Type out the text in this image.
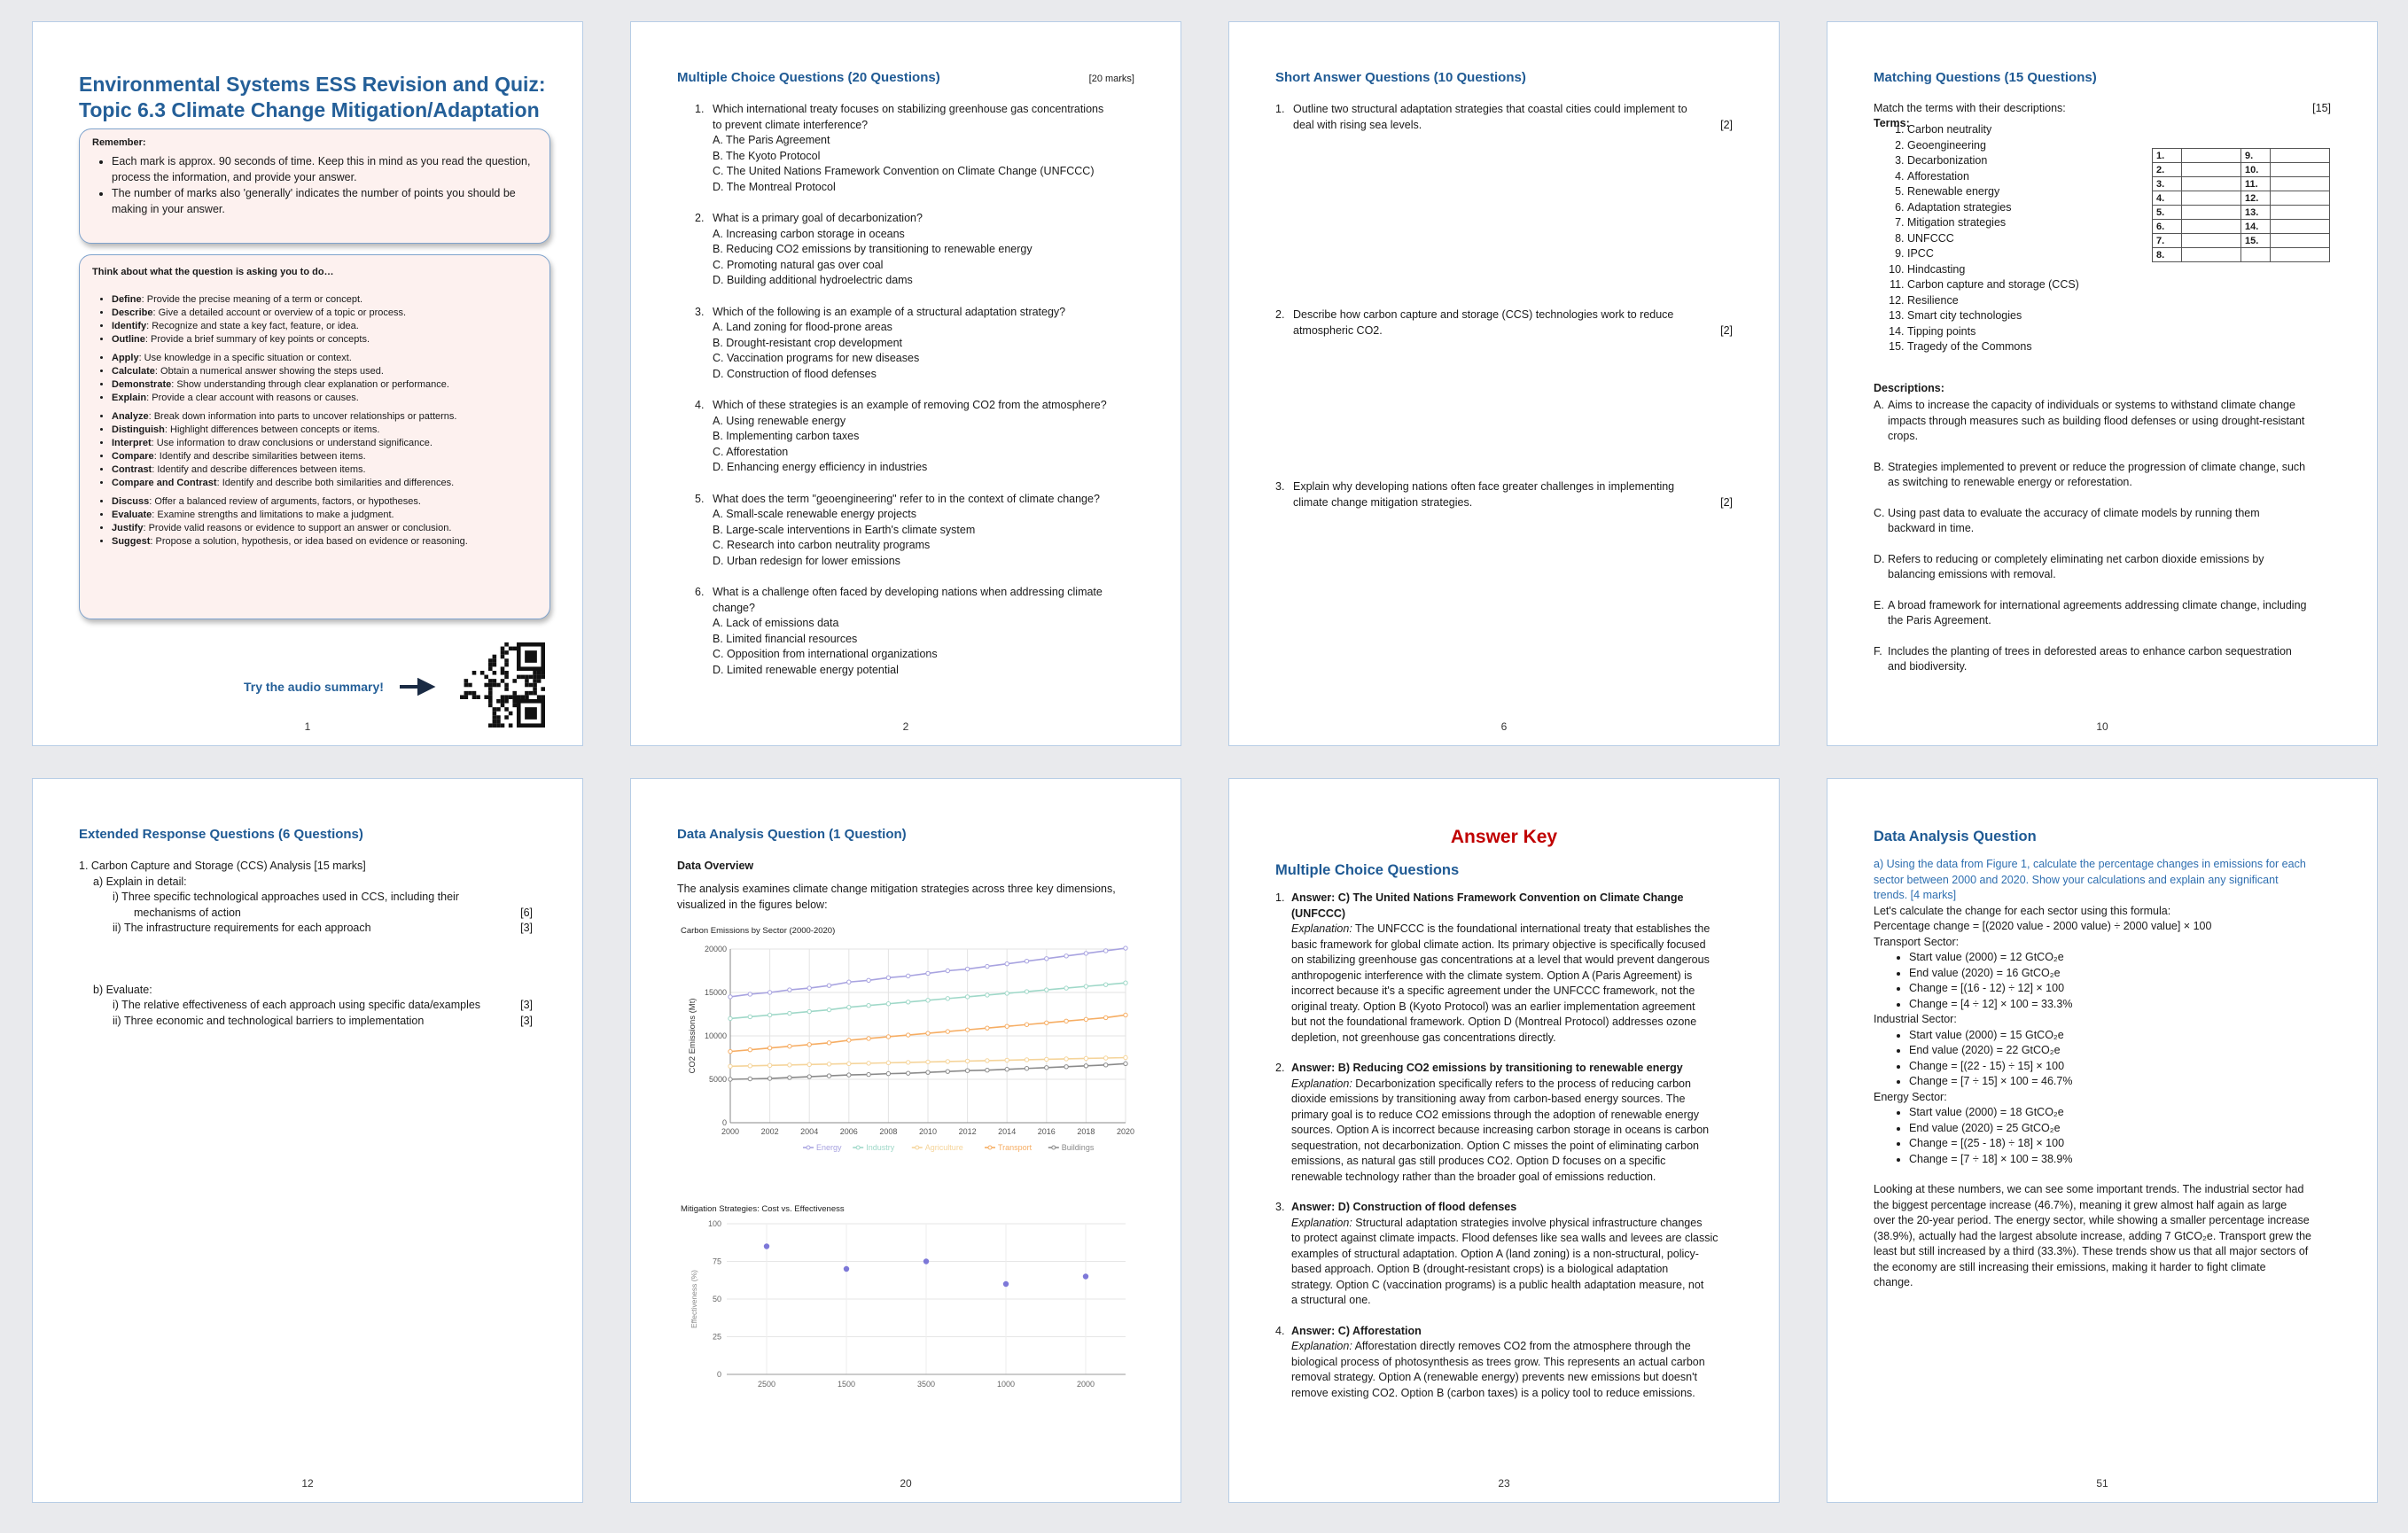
Environmental Systems ESS Revision and Quiz:
Topic 6.3 Climate Change Mitigation/Adaptation
Remember:
• Each mark is approx. 90 seconds of time. Keep this in mind as you read the question, process the information, and provide your answer.
• The number of marks also 'generally' indicates the number of points you should be making in your answer.
Think about what the question is asking you to do…
• Define: Provide the precise meaning of a term or concept.
• Describe: Give a detailed account or overview of a topic or process.
• Identify: Recognize and state a key fact, feature, or idea.
• Outline: Provide a brief summary of key points or concepts.
• Apply: Use knowledge in a specific situation or context.
• Calculate: Obtain a numerical answer showing the steps used.
• Demonstrate: Show understanding through clear explanation or performance.
• Explain: Provide a clear account with reasons or causes.
• Analyze: Break down information into parts to uncover relationships or patterns.
• Distinguish: Highlight differences between concepts or items.
• Interpret: Use information to draw conclusions or understand significance.
• Compare: Identify and describe similarities between items.
• Contrast: Identify and describe differences between items.
• Compare and Contrast: Identify and describe both similarities and differences.
• Discuss: Offer a balanced review of arguments, factors, or hypotheses.
• Evaluate: Examine strengths and limitations to make a judgment.
• Justify: Provide valid reasons or evidence to support an answer or conclusion.
• Suggest: Propose a solution, hypothesis, or idea based on evidence or reasoning.
Try the audio summary!
1
Multiple Choice Questions (20 Questions)	[20 marks]
1. Which international treaty focuses on stabilizing greenhouse gas concentrations
to prevent climate interference?
A. The Paris Agreement
B. The Kyoto Protocol
C. The United Nations Framework Convention on Climate Change (UNFCCC)
D. The Montreal Protocol
2. What is a primary goal of decarbonization?
A. Increasing carbon storage in oceans
B. Reducing CO2 emissions by transitioning to renewable energy
C. Promoting natural gas over coal
D. Building additional hydroelectric dams
3. Which of the following is an example of a structural adaptation strategy?
A. Land zoning for flood-prone areas
B. Drought-resistant crop development
C. Vaccination programs for new diseases
D. Construction of flood defenses
4. Which of these strategies is an example of removing CO2 from the atmosphere?
A. Using renewable energy
B. Implementing carbon taxes
C. Afforestation
D. Enhancing energy efficiency in industries
5. What does the term "geoengineering" refer to in the context of climate change?
A. Small-scale renewable energy projects
B. Large-scale interventions in Earth's climate system
C. Research into carbon neutrality programs
D. Urban redesign for lower emissions
6. What is a challenge often faced by developing nations when addressing climate
change?
A. Lack of emissions data
B. Limited financial resources
C. Opposition from international organizations
D. Limited renewable energy potential
2
Short Answer Questions (10 Questions)
1. Outline two structural adaptation strategies that coastal cities could implement to
deal with rising sea levels.	[2]
2. Describe how carbon capture and storage (CCS) technologies work to reduce
atmospheric CO2.	[2]
3. Explain why developing nations often face greater challenges in implementing
climate change mitigation strategies.	[2]
6
Matching Questions (15 Questions)
Match the terms with their descriptions:	[15]
Terms:
1. Carbon neutrality
2. Geoengineering
3. Decarbonization
4. Afforestation
5. Renewable energy
6. Adaptation strategies
7. Mitigation strategies
8. UNFCCC
9. IPCC
10. Hindcasting
11. Carbon capture and storage (CCS)
12. Resilience
13. Smart city technologies
14. Tipping points
15. Tragedy of the Commons
1.		9.	
2.		10.	
3.		11.	
4.		12.	
5.		13.	
6.		14.	
7.		15.	
8.			
Descriptions:
A. Aims to increase the capacity of individuals or systems to withstand climate change
impacts through measures such as building flood defenses or using drought-resistant
crops.
B. Strategies implemented to prevent or reduce the progression of climate change, such
as switching to renewable energy or reforestation.
C. Using past data to evaluate the accuracy of climate models by running them
backward in time.
D. Refers to reducing or completely eliminating net carbon dioxide emissions by
balancing emissions with removal.
E. A broad framework for international agreements addressing climate change, including
the Paris Agreement.
F. Includes the planting of trees in deforested areas to enhance carbon sequestration
and biodiversity.
10
Extended Response Questions (6 Questions)
1. Carbon Capture and Storage (CCS) Analysis [15 marks]
a) Explain in detail:
i) Three specific technological approaches used in CCS, including their
mechanisms of action	[6]
ii) The infrastructure requirements for each approach	[3]
b) Evaluate:
i) The relative effectiveness of each approach using specific data/examples	[3]
ii) Three economic and technological barriers to implementation	[3]
12
Data Analysis Question (1 Question)
Data Overview
The analysis examines climate change mitigation strategies across three key dimensions,
visualized in the figures below:
Carbon Emissions by Sector (2000-2020)
0
5000
10000
15000
20000
2000	2002	2004	2006	2008	2010	2012	2014	2016	2018	2020
CO2 Emissions (Mt)
Energy	Industry	Agriculture	Transport	Buildings
Mitigation Strategies: Cost vs. Effectiveness
0
25
50
75
100
2500	1500	3500	1000	2000
Effectiveness (%)
20
Answer Key
Multiple Choice Questions
1. Answer: C) The United Nations Framework Convention on Climate Change
(UNFCCC)
Explanation: The UNFCCC is the foundational international treaty that establishes the
basic framework for global climate action. Its primary objective is specifically focused
on stabilizing greenhouse gas concentrations at a level that would prevent dangerous
anthropogenic interference with the climate system. Option A (Paris Agreement) is
incorrect because it's a specific agreement under the UNFCCC framework, not the
original treaty. Option B (Kyoto Protocol) was an earlier implementation agreement
but not the foundational framework. Option D (Montreal Protocol) addresses ozone
depletion, not greenhouse gas concentrations directly.
2. Answer: B) Reducing CO2 emissions by transitioning to renewable energy
Explanation: Decarbonization specifically refers to the process of reducing carbon
dioxide emissions by transitioning away from carbon-based energy sources. The
primary goal is to reduce CO2 emissions through the adoption of renewable energy
sources. Option A is incorrect because increasing carbon storage in oceans is carbon
sequestration, not decarbonization. Option C misses the point of eliminating carbon
emissions, as natural gas still produces CO2. Option D focuses on a specific
renewable technology rather than the broader goal of emissions reduction.
3. Answer: D) Construction of flood defenses
Explanation: Structural adaptation strategies involve physical infrastructure changes
to protect against climate impacts. Flood defenses like sea walls and levees are classic
examples of structural adaptation. Option A (land zoning) is a non-structural, policy-
based approach. Option B (drought-resistant crops) is a biological adaptation
strategy. Option C (vaccination programs) is a public health adaptation measure, not
a structural one.
4. Answer: C) Afforestation
Explanation: Afforestation directly removes CO2 from the atmosphere through the
biological process of photosynthesis as trees grow. This represents an actual carbon
removal strategy. Option A (renewable energy) prevents new emissions but doesn't
remove existing CO2. Option B (carbon taxes) is a policy tool to reduce emissions.
23
Data Analysis Question
a) Using the data from Figure 1, calculate the percentage changes in emissions for each
sector between 2000 and 2020. Show your calculations and explain any significant
trends. [4 marks]
Let's calculate the change for each sector using this formula:
Percentage change = [(2020 value - 2000 value) ÷ 2000 value] × 100
Transport Sector:
• Start value (2000) = 12 GtCO₂e
• End value (2020) = 16 GtCO₂e
• Change = [(16 - 12) ÷ 12] × 100
• Change = [4 ÷ 12] × 100 = 33.3%
Industrial Sector:
• Start value (2000) = 15 GtCO₂e
• End value (2020) = 22 GtCO₂e
• Change = [(22 - 15) ÷ 15] × 100
• Change = [7 ÷ 15] × 100 = 46.7%
Energy Sector:
• Start value (2000) = 18 GtCO₂e
• End value (2020) = 25 GtCO₂e
• Change = [(25 - 18) ÷ 18] × 100
• Change = [7 ÷ 18] × 100 = 38.9%
Looking at these numbers, we can see some important trends. The industrial sector had
the biggest percentage increase (46.7%), meaning it grew almost half again as large
over the 20-year period. The energy sector, while showing a smaller percentage increase
(38.9%), actually had the largest absolute increase, adding 7 GtCO₂e. Transport grew the
least but still increased by a third (33.3%). These trends show us that all major sectors of
the economy are still increasing their emissions, making it harder to fight climate
change.
51
